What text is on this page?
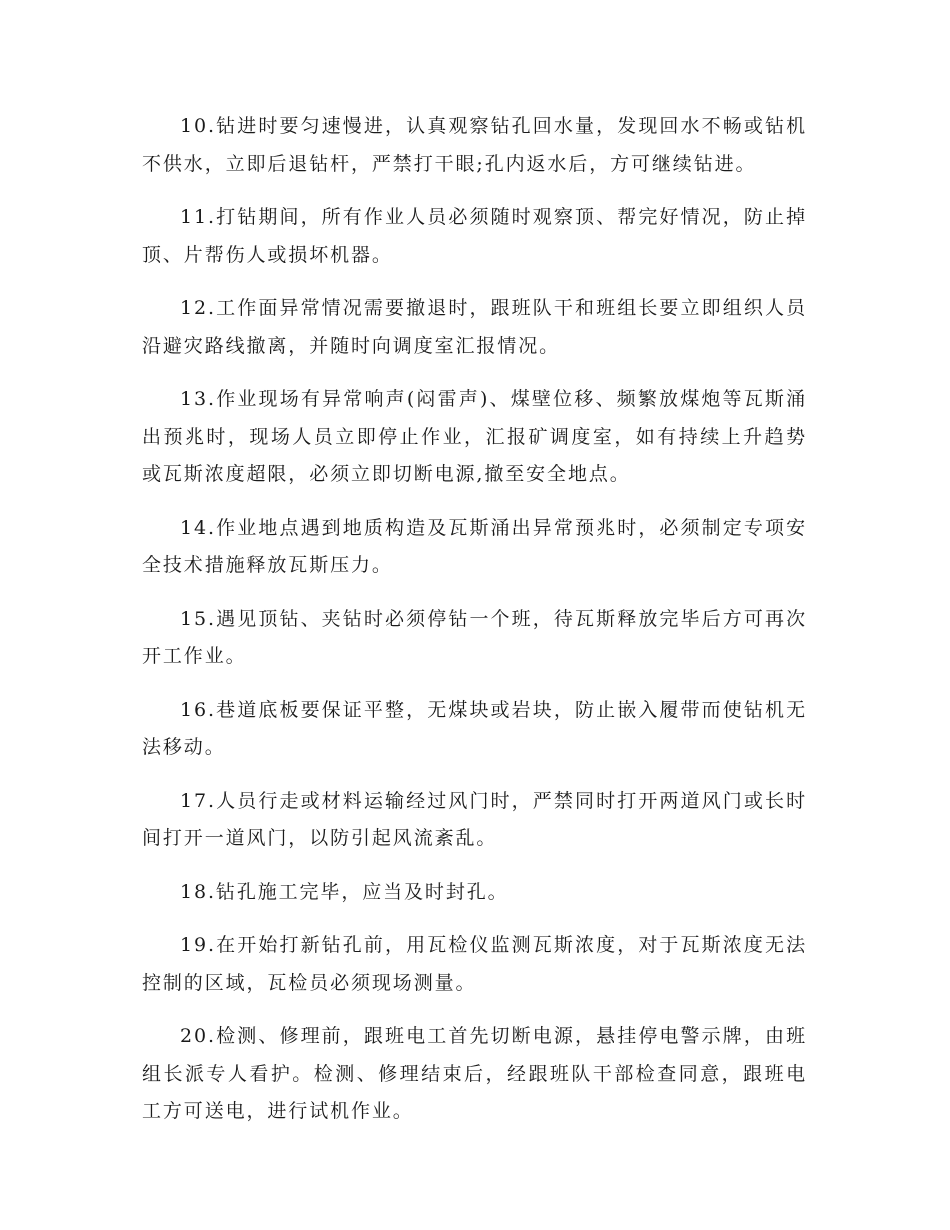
10.钻进时要匀速慢进，认真观察钻孔回水量，发现回水不畅或钻机不供水，立即后退钻杆，严禁打干眼;孔内返水后，方可继续钻进。

11.打钻期间，所有作业人员必须随时观察顶、帮完好情况，防止掉顶、片帮伤人或损坏机器。

12.工作面异常情况需要撤退时，跟班队干和班组长要立即组织人员沿避灾路线撤离，并随时向调度室汇报情况。

13.作业现场有异常响声(闷雷声)、煤壁位移、频繁放煤炮等瓦斯涌出预兆时，现场人员立即停止作业，汇报矿调度室，如有持续上升趋势或瓦斯浓度超限，必须立即切断电源,撤至安全地点。

14.作业地点遇到地质构造及瓦斯涌出异常预兆时，必须制定专项安全技术措施释放瓦斯压力。

15.遇见顶钻、夹钻时必须停钻一个班，待瓦斯释放完毕后方可再次开工作业。

16.巷道底板要保证平整，无煤块或岩块，防止嵌入履带而使钻机无法移动。

17.人员行走或材料运输经过风门时，严禁同时打开两道风门或长时间打开一道风门，以防引起风流紊乱。

18.钻孔施工完毕，应当及时封孔。

19.在开始打新钻孔前，用瓦检仪监测瓦斯浓度，对于瓦斯浓度无法控制的区域，瓦检员必须现场测量。

20.检测、修理前，跟班电工首先切断电源，悬挂停电警示牌，由班组长派专人看护。检测、修理结束后，经跟班队干部检查同意，跟班电工方可送电，进行试机作业。
